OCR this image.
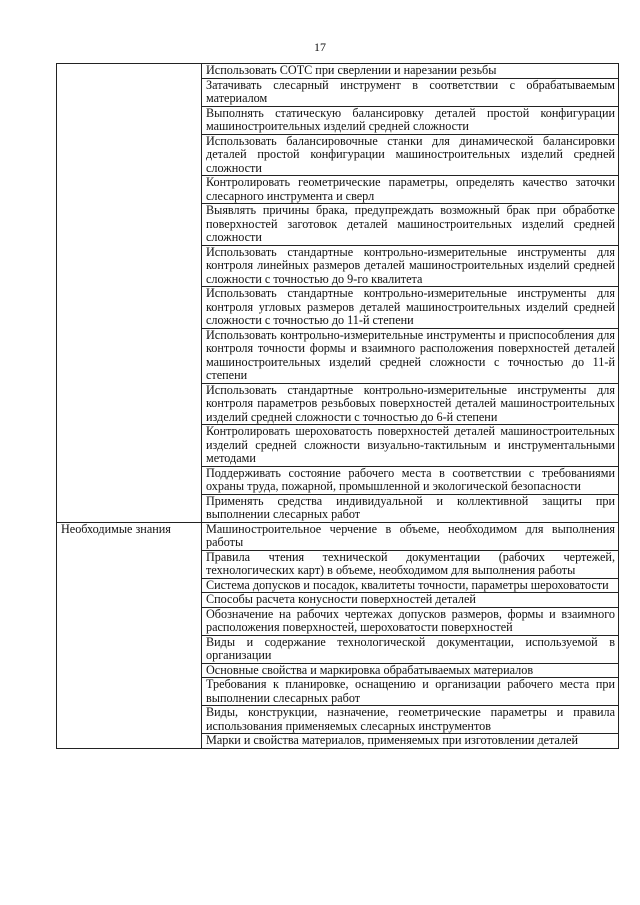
17
	Использовать СОТС при сверлении и нарезании резьбы
	Затачивать слесарный инструмент в соответствии с обрабатываемым материалом
	Выполнять статическую балансировку деталей простой конфигурации машиностроительных изделий средней сложности
	Использовать балансировочные станки для динамической балансировки деталей простой конфигурации машиностроительных изделий средней сложности
	Контролировать геометрические параметры, определять качество заточки слесарного инструмента и сверл
	Выявлять причины брака, предупреждать возможный брак при обработке поверхностей заготовок деталей машиностроительных изделий средней сложности
	Использовать стандартные контрольно-измерительные инструменты для контроля линейных размеров деталей машиностроительных изделий средней сложности с точностью до 9-го квалитета
	Использовать стандартные контрольно-измерительные инструменты для контроля угловых размеров деталей машиностроительных изделий средней сложности с точностью до 11-й степени
	Использовать контрольно-измерительные инструменты и приспособления для контроля точности формы и взаимного расположения поверхностей деталей машиностроительных изделий средней сложности с точностью до 11-й степени
	Использовать стандартные контрольно-измерительные инструменты для контроля параметров резьбовых поверхностей деталей машиностроительных изделий средней сложности с точностью до 6-й степени
	Контролировать шероховатость поверхностей деталей машиностроительных изделий средней сложности визуально-тактильным и инструментальными методами
	Поддерживать состояние рабочего места в соответствии с требованиями охраны труда, пожарной, промышленной и экологической безопасности
	Применять средства индивидуальной и коллективной защиты при выполнении слесарных работ
Необходимые знания	Машиностроительное черчение в объеме, необходимом для выполнения работы
	Правила чтения технической документации (рабочих чертежей, технологических карт) в объеме, необходимом для выполнения работы
	Система допусков и посадок, квалитеты точности, параметры шероховатости
	Способы расчета конусности поверхностей деталей
	Обозначение на рабочих чертежах допусков размеров, формы и взаимного расположения поверхностей, шероховатости поверхностей
	Виды и содержание технологической документации, используемой в организации
	Основные свойства и маркировка обрабатываемых материалов
	Требования к планировке, оснащению и организации рабочего места при выполнении слесарных работ
	Виды, конструкции, назначение, геометрические параметры и правила использования применяемых слесарных инструментов
	Марки и свойства материалов, применяемых при изготовлении деталей
